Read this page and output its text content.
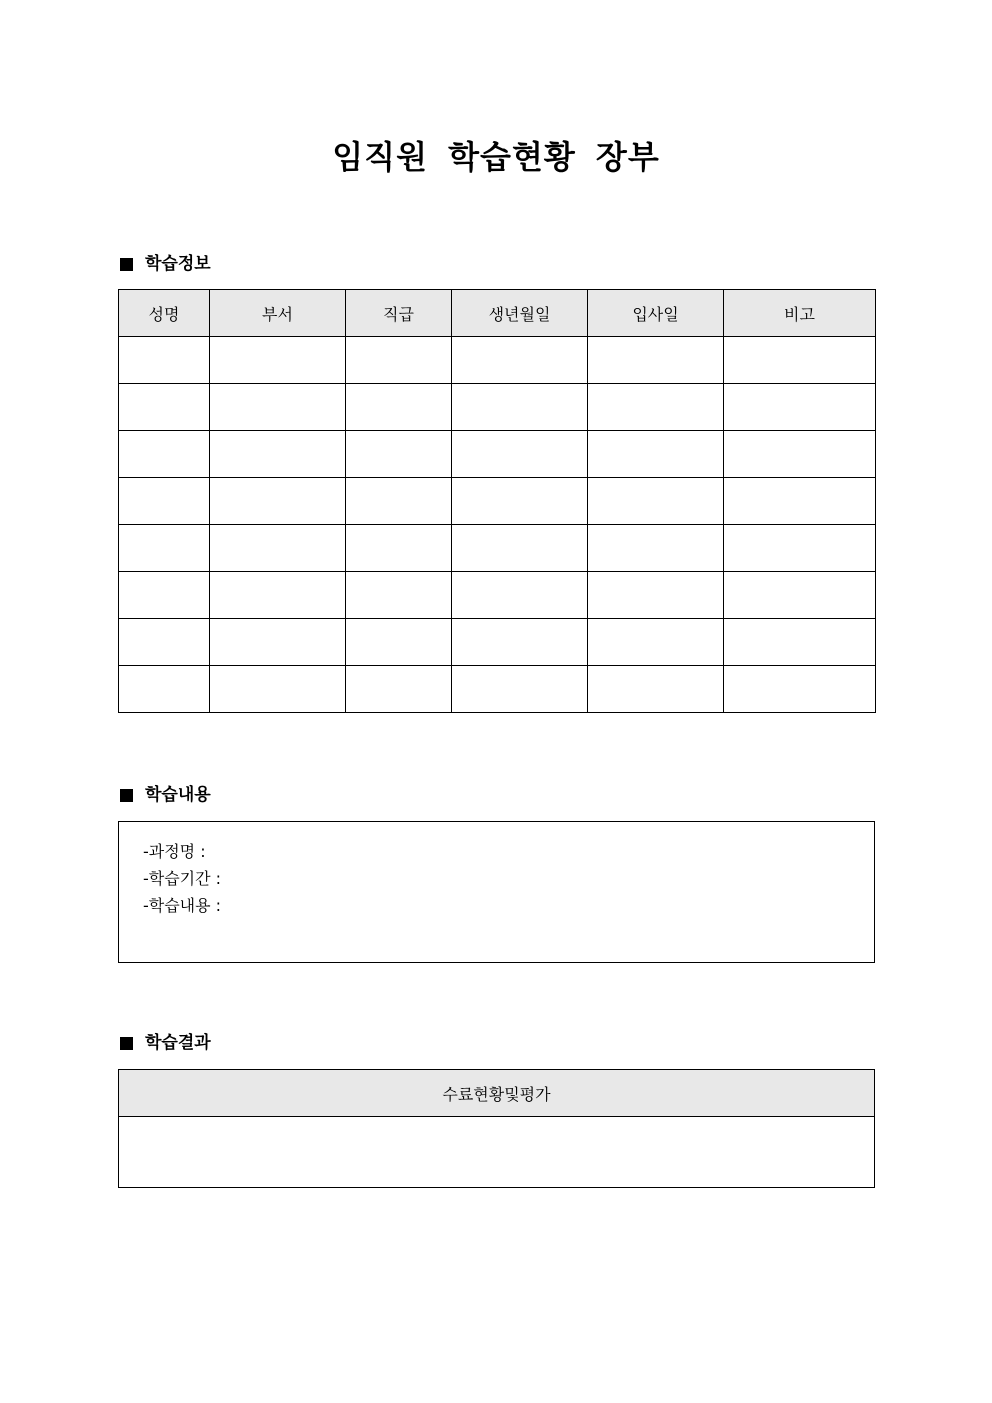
임직원 학습현황 장부
학습정보
성명	부서	직급	생년월일	입사일	비고

학습내용
-과정명 :
-학습기간 :
-학습내용 :
학습결과
수료현황및평가
